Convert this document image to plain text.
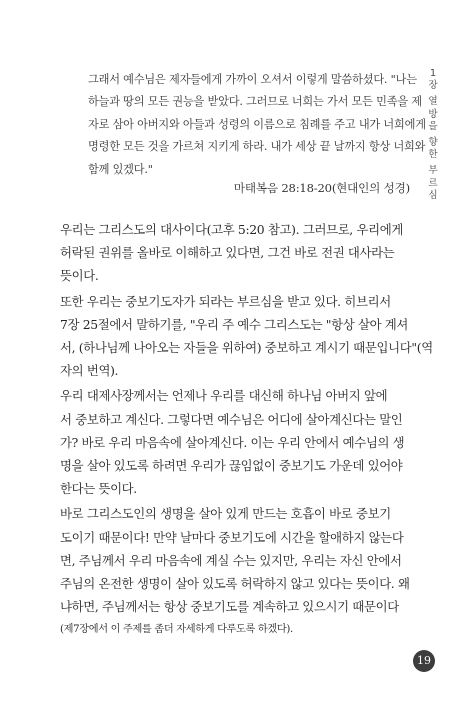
1
장
열
방
을
향
한
부
르
심
그래서 예수님은 제자들에게 가까이 오셔서 이렇게 말씀하셨다. "나는
하늘과 땅의 모든 권능을 받았다. 그러므로 너희는 가서 모든 민족을 제
자로 삼아 아버지와 아들과 성령의 이름으로 침례를 주고 내가 너희에게
명령한 모든 것을 가르쳐 지키게 하라. 내가 세상 끝 날까지 항상 너희와
함께 있겠다."
마태복음 28:18-20(현대인의 성경)
우리는 그리스도의 대사이다(고후 5:20 참고). 그러므로, 우리에게
허락된 권위를 올바로 이해하고 있다면, 그건 바로 전권 대사라는
뜻이다.
또한 우리는 중보기도자가 되라는 부르심을 받고 있다. 히브리서
7장 25절에서 말하기를, "우리 주 예수 그리스도는 "항상 살아 계셔
서, (하나님께 나아오는 자들을 위하여) 중보하고 계시기 때문입니다"(역
자의 번역).
우리 대제사장께서는 언제나 우리를 대신해 하나님 아버지 앞에
서 중보하고 계신다. 그렇다면 예수님은 어디에 살아계신다는 말인
가? 바로 우리 마음속에 살아계신다. 이는 우리 안에서 예수님의 생
명을 살아 있도록 하려면 우리가 끊임없이 중보기도 가운데 있어야
한다는 뜻이다.
바로 그리스도인의 생명을 살아 있게 만드는 호흡이 바로 중보기
도이기 때문이다! 만약 날마다 중보기도에 시간을 할애하지 않는다
면, 주님께서 우리 마음속에 계실 수는 있지만, 우리는 자신 안에서
주님의 온전한 생명이 살아 있도록 허락하지 않고 있다는 뜻이다. 왜
냐하면, 주님께서는 항상 중보기도를 계속하고 있으시기 때문이다
(제7장에서 이 주제를 좀더 자세하게 다루도록 하겠다).
19
